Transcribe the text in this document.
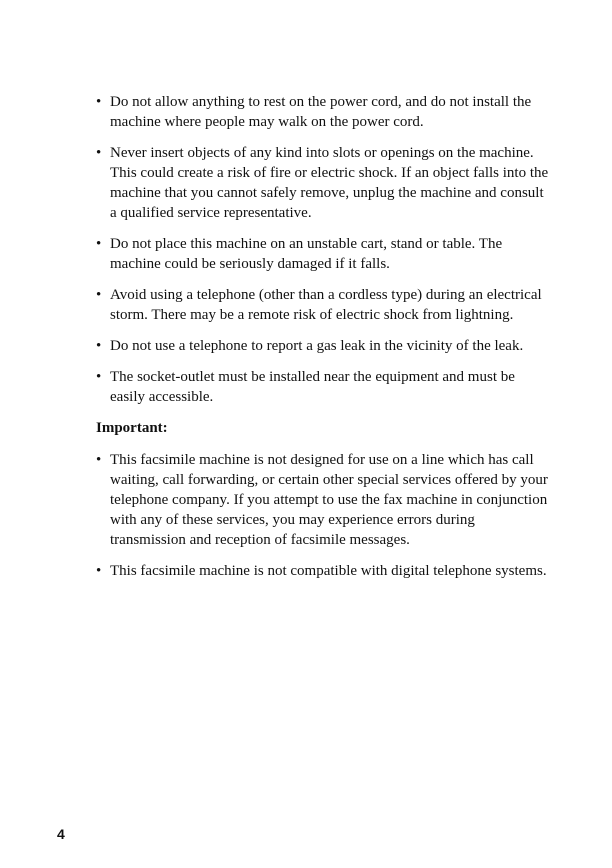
• Do not allow anything to rest on the power cord, and do not install the machine where people may walk on the power cord.
• Never insert objects of any kind into slots or openings on the machine. This could create a risk of fire or electric shock. If an object falls into the machine that you cannot safely remove, unplug the machine and consult a qualified service representative.
• Do not place this machine on an unstable cart, stand or table. The machine could be seriously damaged if it falls.
• Avoid using a telephone (other than a cordless type) during an electrical storm. There may be a remote risk of electric shock from lightning.
• Do not use a telephone to report a gas leak in the vicinity of the leak.
• The socket-outlet must be installed near the equipment and must be easily accessible.
Important:
• This facsimile machine is not designed for use on a line which has call waiting, call forwarding, or certain other special services offered by your telephone company. If you attempt to use the fax machine in conjunction with any of these services, you may experience errors during transmission and reception of facsimile messages.
• This facsimile machine is not compatible with digital telephone systems.
4
